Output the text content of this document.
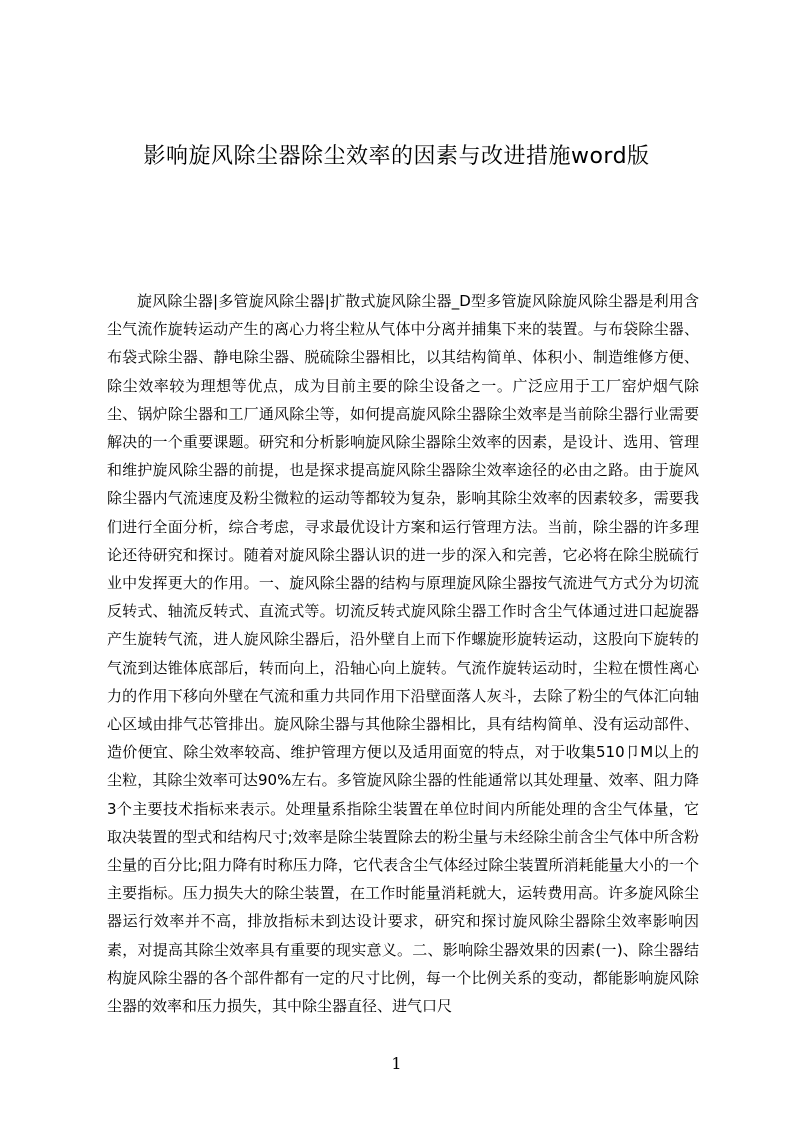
影响旋风除尘器除尘效率的因素与改进措施word版

旋风除尘器|多管旋风除尘器|扩散式旋风除尘器_D型多管旋风除旋风除尘器是利用含尘气流作旋转运动产生的离心力将尘粒从气体中分离并捕集下来的装置。与布袋除尘器、布袋式除尘器、静电除尘器、脱硫除尘器相比，以其结构简单、体积小、制造维修方便、除尘效率较为理想等优点，成为目前主要的除尘设备之一。广泛应用于工厂窑炉烟气除尘、锅炉除尘器和工厂通风除尘等，如何提高旋风除尘器除尘效率是当前除尘器行业需要解决的一个重要课题。研究和分析影响旋风除尘器除尘效率的因素，是设计、选用、管理和维护旋风除尘器的前提，也是探求提高旋风除尘器除尘效率途径的必由之路。由于旋风除尘器内气流速度及粉尘微粒的运动等都较为复杂，影响其除尘效率的因素较多，需要我们进行全面分析，综合考虑，寻求最优设计方案和运行管理方法。当前，除尘器的许多理论还待研究和探讨。随着对旋风除尘器认识的进一步的深入和完善，它必将在除尘脱硫行业中发挥更大的作用。一、旋风除尘器的结构与原理旋风除尘器按气流进气方式分为切流反转式、轴流反转式、直流式等。切流反转式旋风除尘器工作时含尘气体通过进口起旋器产生旋转气流，进人旋风除尘器后，沿外壁自上而下作螺旋形旋转运动，这股向下旋转的气流到达锥体底部后，转而向上，沿轴心向上旋转。气流作旋转运动时，尘粒在惯性离心力的作用下移向外壁在气流和重力共同作用下沿壁面落人灰斗，去除了粉尘的气体汇向轴心区域由排气芯管排出。旋风除尘器与其他除尘器相比，具有结构简单、没有运动部件、造价便宜、除尘效率较高、维护管理方便以及适用面宽的特点，对于收集510卩M以上的尘粒，其除尘效率可达90%左右。多管旋风除尘器的性能通常以其处理量、效率、阻力降3个主要技术指标来表示。处理量系指除尘装置在单位时间内所能处理的含尘气体量，它取决装置的型式和结构尺寸;效率是除尘装置除去的粉尘量与未经除尘前含尘气体中所含粉尘量的百分比;阻力降有时称压力降，它代表含尘气体经过除尘装置所消耗能量大小的一个主要指标。压力损失大的除尘装置，在工作时能量消耗就大，运转费用高。许多旋风除尘器运行效率并不高，排放指标未到达设计要求，研究和探讨旋风除尘器除尘效率影响因素，对提高其除尘效率具有重要的现实意义。二、影响除尘器效果的因素(一)、除尘器结构旋风除尘器的各个部件都有一定的尺寸比例，每一个比例关系的变动，都能影响旋风除尘器的效率和压力损失，其中除尘器直径、进气口尺

1
